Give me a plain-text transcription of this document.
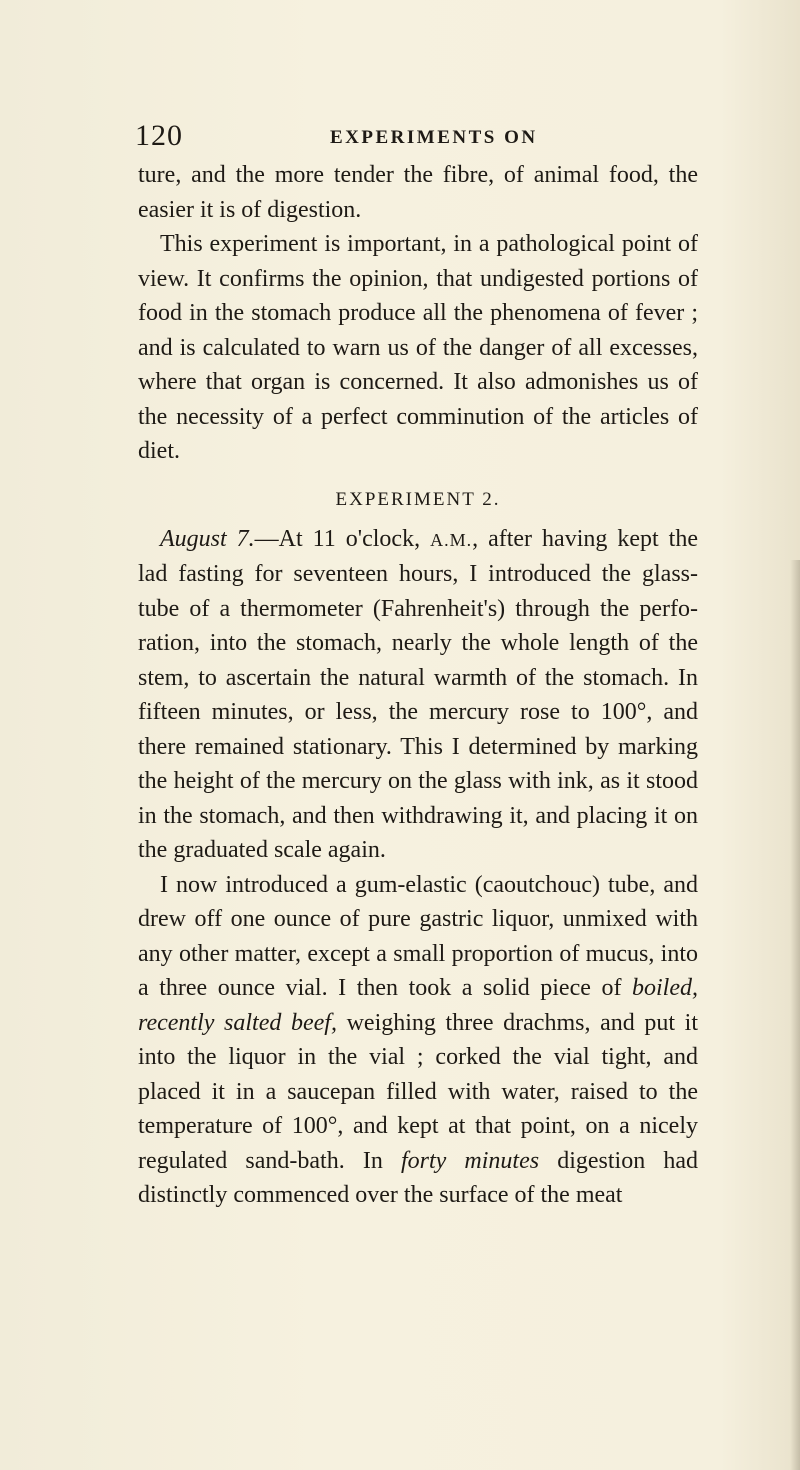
120	EXPERIMENTS ON

ture, and the more tender the fibre, of animal food, the easier it is of digestion.

This experiment is important, in a pathological point of view. It confirms the opinion, that undigested portions of food in the stomach produce all the phenomena of fever ; and is calculated to warn us of the danger of all excesses, where that organ is concerned. It also admonishes us of the necessity of a perfect comminution of the articles of diet.

EXPERIMENT 2.

August 7.—At 11 o'clock, A.M., after having kept the lad fasting for seventeen hours, I introduced the glass-tube of a thermometer (Fahrenheit's) through the perforation, into the stomach, nearly the whole length of the stem, to ascertain the natural warmth of the stomach. In fifteen minutes, or less, the mercury rose to 100°, and there remained stationary. This I determined by marking the height of the mercury on the glass with ink, as it stood in the stomach, and then withdrawing it, and placing it on the graduated scale again.

I now introduced a gum-elastic (caoutchouc) tube, and drew off one ounce of pure gastric liquor, unmixed with any other matter, except a small proportion of mucus, into a three ounce vial. I then took a solid piece of boiled, recently salted beef, weighing three drachms, and put it into the liquor in the vial ; corked the vial tight, and placed it in a saucepan filled with water, raised to the temperature of 100°, and kept at that point, on a nicely regulated sand-bath. In forty minutes digestion had distinctly commenced over the surface of the meat
